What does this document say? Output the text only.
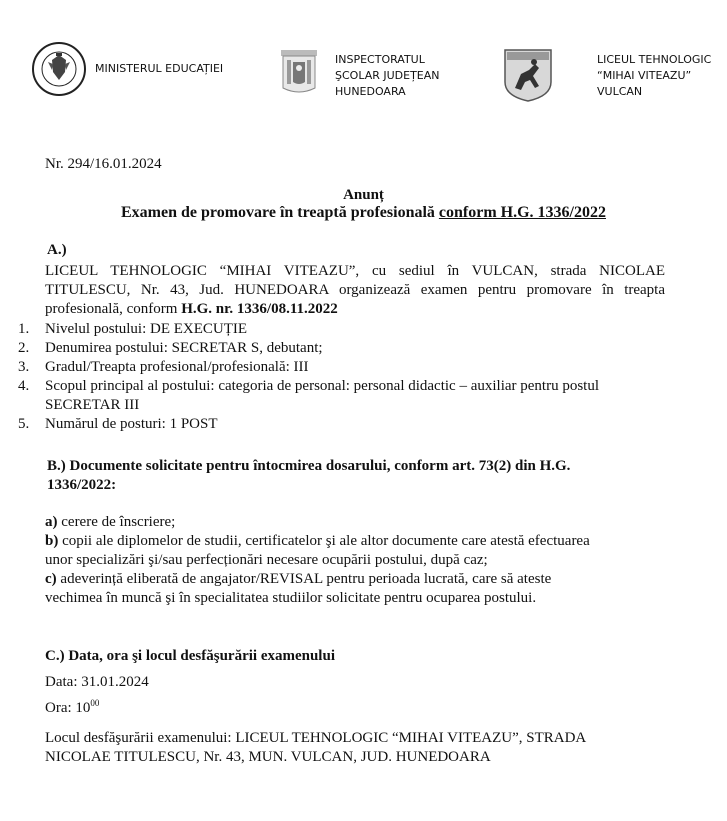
MINISTERUL EDUCAȚIEI
INSPECTORATUL
ŞCOLAR JUDEȚEAN
HUNEDOARA
LICEUL TEHNOLOGIC
“MIHAI VITEAZU”
VULCAN
Nr. 294/16.01.2024
Anunț
Examen de promovare în treaptă profesională conform H.G. 1336/2022
A.)
LICEUL TEHNOLOGIC “MIHAI VITEAZU”, cu sediul în VULCAN, strada NICOLAE
TITULESCU, Nr. 43, Jud. HUNEDOARA organizează examen pentru promovare în treapta
profesională, conform H.G. nr. 1336/08.11.2022
1. Nivelul postului: DE EXECUȚIE
2. Denumirea postului: SECRETAR S, debutant;
3. Gradul/Treapta profesional/profesională: III
4. Scopul principal al postului: categoria de personal: personal didactic – auxiliar pentru postul
SECRETAR III
5. Numărul de posturi: 1 POST
B.) Documente solicitate pentru întocmirea dosarului, conform art. 73(2) din H.G.
1336/2022:
a) cerere de înscriere;
b) copii ale diplomelor de studii, certificatelor şi ale altor documente care atestă efectuarea
unor specializări şi/sau perfecționări necesare ocupării postului, după caz;
c) adeverință eliberată de angajator/REVISAL pentru perioada lucrată, care să ateste
vechimea în muncă şi în specialitatea studiilor solicitate pentru ocuparea postului.
C.) Data, ora şi locul desfăşurării examenului
Data: 31.01.2024
Ora: $10^{00}$
Locul desfăşurării examenului: LICEUL TEHNOLOGIC “MIHAI VITEAZU”, STRADA
NICOLAE TITULESCU, Nr. 43, MUN. VULCAN, JUD. HUNEDOARA
